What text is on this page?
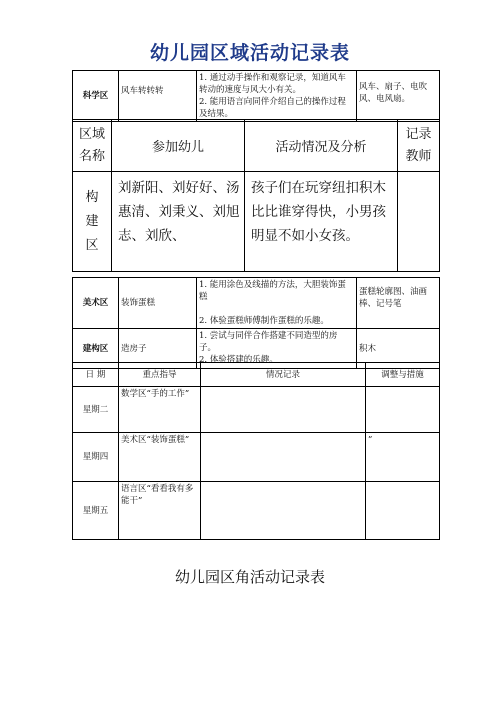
幼儿园区域活动记录表
科学区	风车转转转	1. 通过动手操作和观察记录，知道风车转动的速度与风大小有关。
2. 能用语言向同伴介绍自己的操作过程及结果。	风车、扇子、电吹风、电风扇。
区域
名称	参加幼儿	活动情况及分析	记录
教师
构
建
区	刘新阳、刘好好、汤惠清、刘秉义、刘旭志、刘欣、	孩子们在玩穿纽扣积木比比谁穿得快，小男孩明显不如小女孩。	
美术区	装饰蛋糕	1. 能用涂色及线描的方法，大胆装饰蛋糕

2. 体验蛋糕师傅制作蛋糕的乐趣。	蛋糕轮廓图、油画棒、记号笔
建构区	造房子	1. 尝试与同伴合作搭建不同造型的房子。
2. 体验搭建的乐趣。	积木
日 期	重点指导	情况记录	调整与措施
星期二	数学区“手的工作”		
星期四	美术区“装饰蛋糕”		”
星期五	语言区“看看我有多能干”		
幼儿园区角活动记录表
